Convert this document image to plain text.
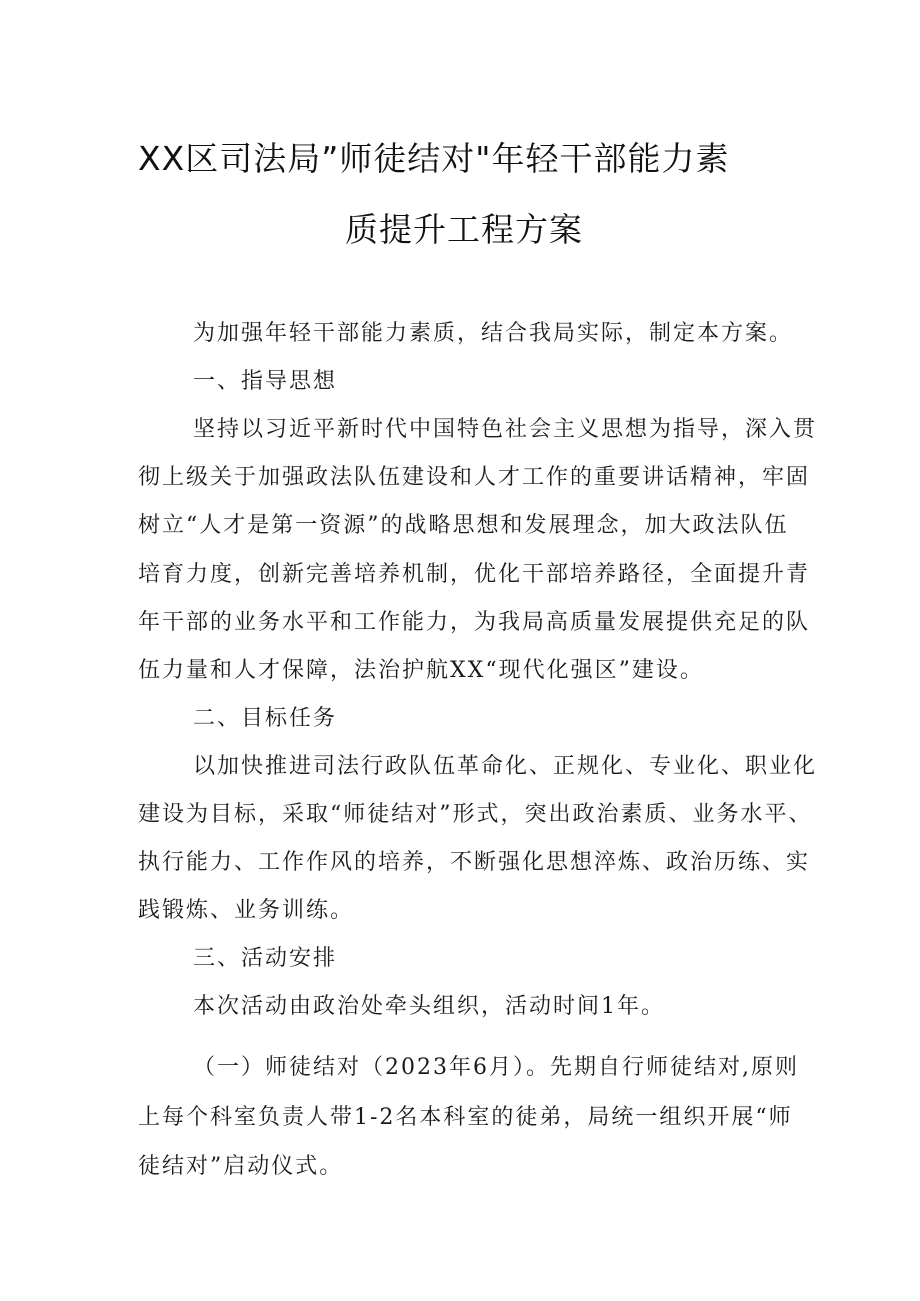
XX区司法局”师徒结对"年轻干部能力素
质提升工程方案
为加强年轻干部能力素质，结合我局实际，制定本方案。
一、指导思想
坚持以习近平新时代中国特色社会主义思想为指导，深入贯
彻上级关于加强政法队伍建设和人才工作的重要讲话精神，牢固
树立“人才是第一资源”的战略思想和发展理念，加大政法队伍
培育力度，创新完善培养机制，优化干部培养路径，全面提升青
年干部的业务水平和工作能力，为我局高质量发展提供充足的队
伍力量和人才保障，法治护航XX“现代化强区”建设。
二、目标任务
以加快推进司法行政队伍革命化、正规化、专业化、职业化
建设为目标，采取“师徒结对”形式，突出政治素质、业务水平、
执行能力、工作作风的培养，不断强化思想淬炼、政治历练、实
践锻炼、业务训练。
三、活动安排
本次活动由政治处牵头组织，活动时间1年。
（一）师徒结对（2023年6月）。先期自行师徒结对,原则
上每个科室负责人带1-2名本科室的徒弟，局统一组织开展“师
徒结对”启动仪式。
